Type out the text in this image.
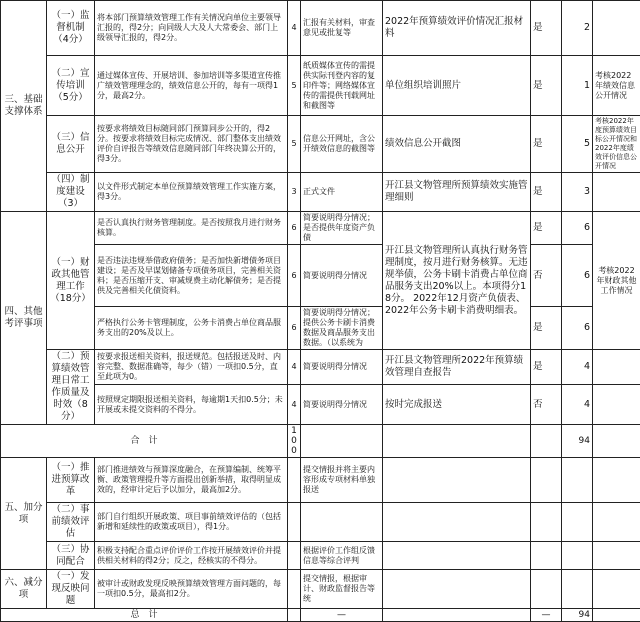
三、基础支撑体系	（一）监督机制 （4分）	将本部门预算绩效管理工作有关情况向单位主要领导汇报的，得2分；向同级人大及人大常委会、部门上级领导汇报的，得2分。	4	汇报有关材料，审查意见或批复等	2022年预算绩效评价情况汇报材料	是	2	
	（二）宣传培训 （5分）	通过媒体宣传、开展培训、参加培训等多渠道宣传推广绩效管理理念的，绩效信息公开的，每有一项得1分，最高2分。	5	纸质媒体宣传的需提供实际刊登内容的复印件等；网络媒体宣传的需提供刊载网址和截图等	单位组织培训照片	是	1	考核2022年绩效信息公开情况
	（三）信息公开	按要求将绩效目标随同部门预算同步公开的，得2分。按要求将绩效目标完成情况、部门整体支出绩效评价自评报告等绩效信息随同部门年终决算公开的，得3分。	5	信息公开网址，含公开绩效信息的截图等	绩效信息公开截图	是	5	考核2022年度预算绩效目标公开情况和2022年度绩效评价信息公开情况
	（四）制度建设（3）	以文件形式制定本单位预算绩效管理工作实施方案，得3分。	3	正式文件	开江县文物管理所预算绩效实施管理细则	是	3	
四、其他考评事项	（一）财政其他管理工作（18分）	是否认真执行财务管理制度。是否按照我月进行财务核算。	6	简要说明得分情况；是否提供年度资产负债	开江县文物管理所认真执行财务管理制度，按月进行财务核算。无违规举债，公务卡刷卡消费占单位商品服务支出20%以上。本项得分18分。 2022年12月资产负债表、2022年公务卡刷卡消费明细表。	是	6	考核2022年财政其他工作情况
		是否违法违规举借政府债务；是否加快新增债务项目建设；是否及早谋划储备专项债务项目，完善相关资料；是否压缩开支、审减规费主动化解债务；是否提供及完善相关化债资料。	6	简要说明得分情况		否	6	
		严格执行公务卡管理制度，公务卡消费占单位商品服务支出的20%及以上。	6	简要说明得分情况；提供公务卡刷卡消费数据及商品服务支出数据。（以系统为		是	6	
	（二）预算绩效管理日常工作质量及时效（8分）	按要求报送相关资料，报送规范。包括报送及时、内容完整、数据准确等，每少（错）一项扣0.5分，直至此项为0。	4	简要说明得分情况	开江县文物管理所2022年预算绩效管理自查报告	是	4	
		按照规定期限报送相关资料，每逾期1天扣0.5分；未开展或未提交资料的不得分。	4	简要说明得分情况	按时完成报送	否	4	
合　计			100				94	
五、加分项	（一）推进预算改革	部门推进绩效与预算深度融合，在预算编制、统筹平衡、政策管理提升等方面提出创新举措，取得明显成效的，经审计定后予以加分，最高加2分。		提交情报并将主要内容形成专项材料单独报送				
	（二）事前绩效评估	部门自行组织开展政策、项目事前绩效评估的（包括新增和延续性的政策或项目），得1分。						
	（三）协同配合	积极支持配合重点评价评价工作按开展绩效评价并提供相关材料的得2分；反之，经核实的不得分。		根据评价工作组反馈信息等综合评判				
六、减分项	（一）发现反映问题	被审计或财政发现反映预算绩效管理方面问题的，每一项扣0.5分，最高扣2分。		提交情报，根据审计、财政监督报告等统				
总　计				—		—	94	
